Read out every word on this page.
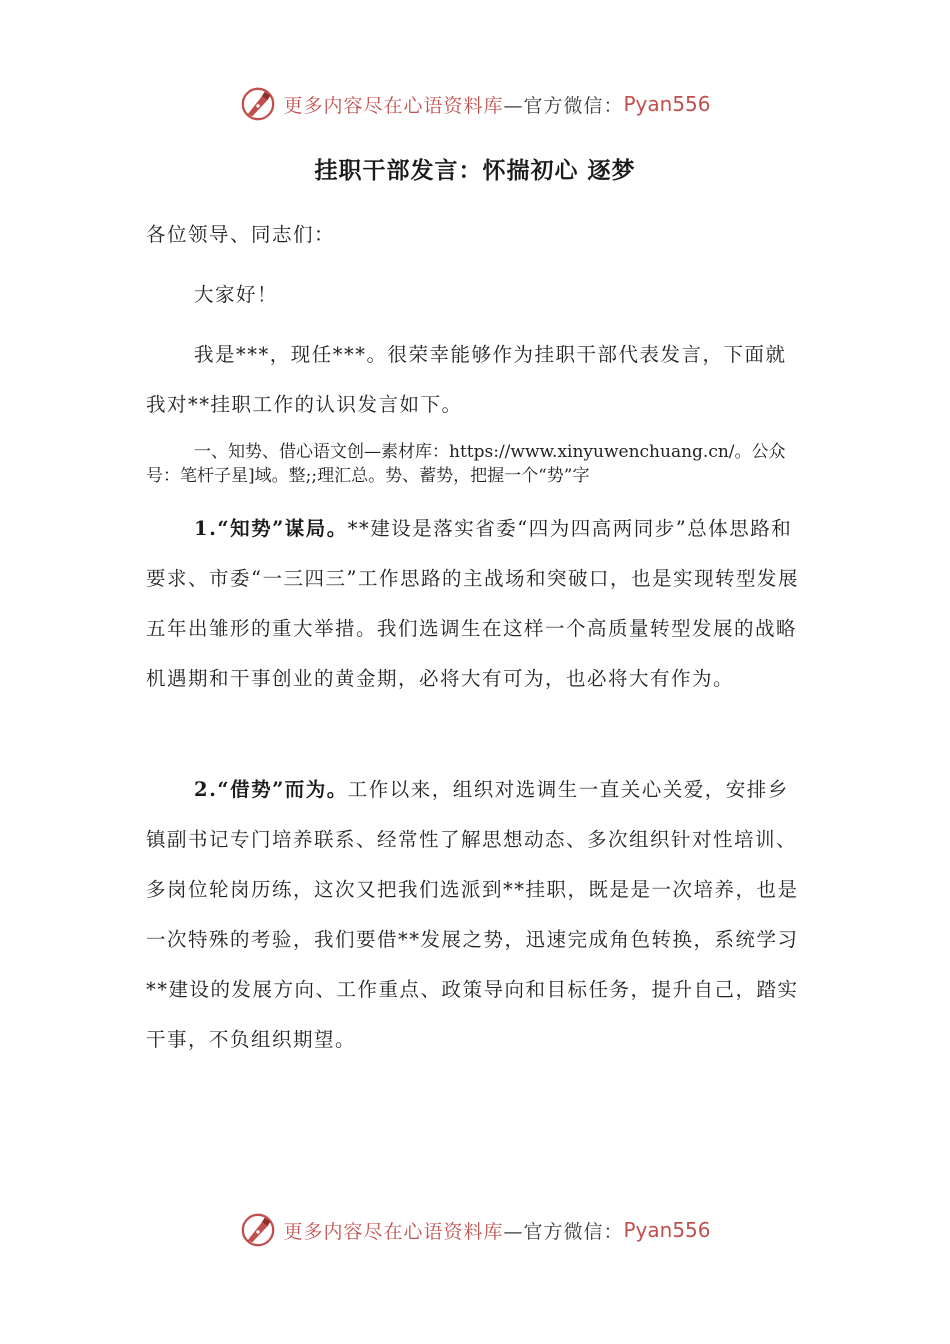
更多内容尽在心语资料库 —官方微信： Pyan556
挂职干部发言：怀揣初心 逐梦
各位领导、同志们：
大家好！
我是***，现任***。很荣幸能够作为挂职干部代表发言，下面就我对**挂职工作的认识发言如下。
一、知势、借心语文创—素材库：https://www.xinyuwenchuang.cn/。公众号：笔杆子星]域。整;;理汇总。势、蓄势，把握一个“势”字
1.“知势”谋局。**建设是落实省委“四为四高两同步”总体思路和要求、市委“一三四三”工作思路的主战场和突破口，也是实现转型发展五年出雏形的重大举措。我们选调生在这样一个高质量转型发展的战略机遇期和干事创业的黄金期，必将大有可为，也必将大有作为。
2.“借势”而为。工作以来，组织对选调生一直关心关爱，安排乡镇副书记专门培养联系、经常性了解思想动态、多次组织针对性培训、多岗位轮岗历练，这次又把我们选派到**挂职，既是是一次培养，也是一次特殊的考验，我们要借**发展之势，迅速完成角色转换，系统学习**建设的发展方向、工作重点、政策导向和目标任务，提升自己，踏实干事，不负组织期望。
更多内容尽在心语资料库 —官方微信： Pyan556
